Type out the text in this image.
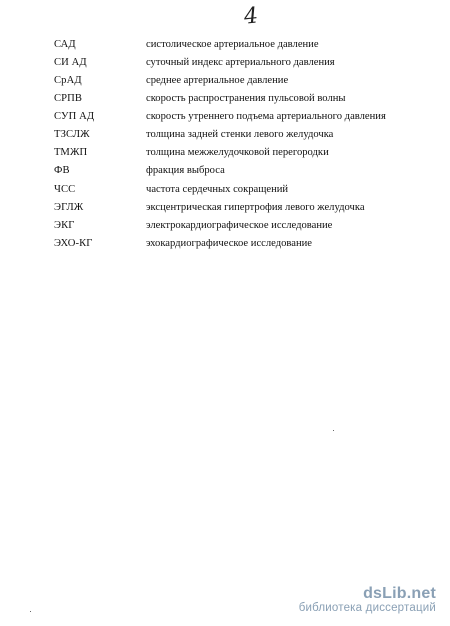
4
САД	систолическое артериальное давление
СИ АД	суточный индекс артериального давления
СрАД	среднее артериальное давление
СРПВ	скорость распространения пульсовой волны
СУП АД	скорость утреннего подъема артериального давления
ТЗСЛЖ	толщина задней стенки левого желудочка
ТМЖП	толщина межжелудочковой перегородки
ФВ	фракция выброса
ЧСС	частота сердечных сокращений
ЭГЛЖ	эксцентрическая гипертрофия левого желудочка
ЭКГ	электрокардиографическое исследование
ЭХО-КГ	эхокардиографическое исследование
dsLib.net
библиотека диссертаций
